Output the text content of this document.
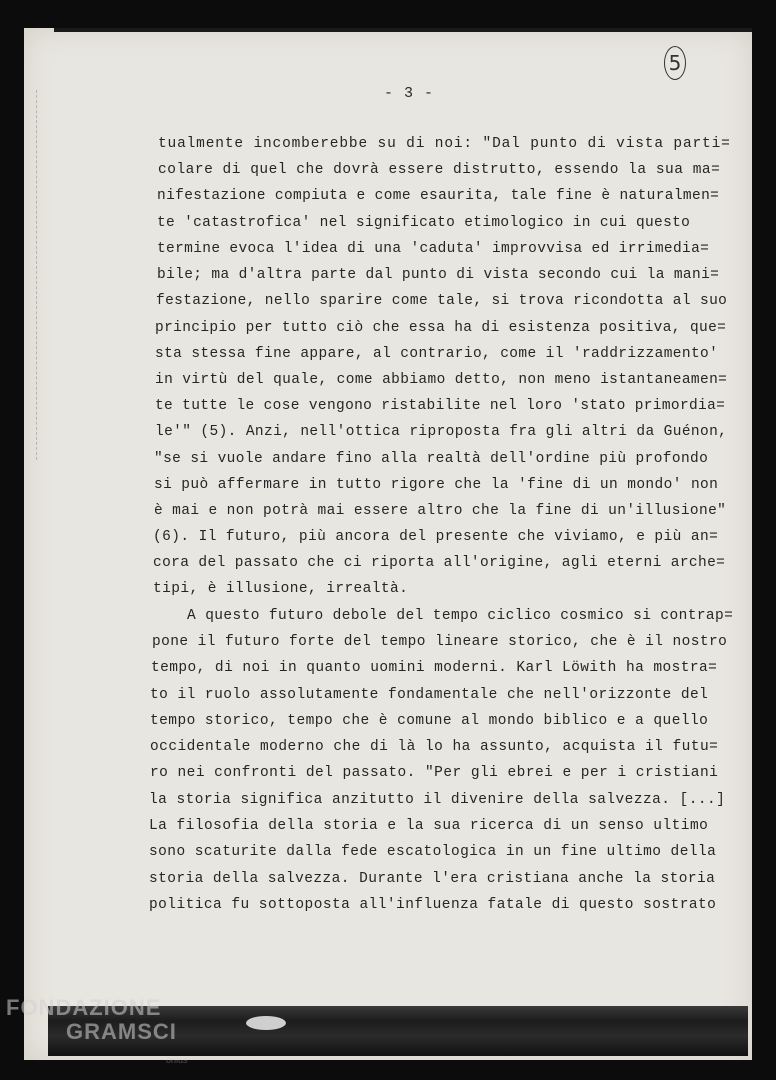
- 3 -
5
tualmente incomberebbe su di noi: "Dal punto di vista parti=
colare di quel che dovrà essere distrutto, essendo la sua ma=
nifestazione compiuta e come esaurita, tale fine è naturalmen=
te 'catastrofica' nel significato etimologico in cui questo
termine evoca l'idea di una 'caduta' improvvisa ed irrimedia=
bile; ma d'altra parte dal punto di vista secondo cui la mani=
festazione, nello sparire come tale, si trova ricondotta al suo
principio per tutto ciò che essa ha di esistenza positiva, que=
sta stessa fine appare, al contrario, come il 'raddrizzamento'
in virtù del quale, come abbiamo detto, non meno istantaneamen=
te tutte le cose vengono ristabilite nel loro 'stato primordia=
le'" (5). Anzi, nell'ottica riproposta fra gli altri da Guénon,
"se si vuole andare fino alla realtà dell'ordine più profondo
si può affermare in tutto rigore che la 'fine di un mondo' non
è mai e non potrà mai essere altro che la fine di un'illusione"
(6). Il futuro, più ancora del presente che viviamo, e più an=
cora del passato che ci riporta all'origine, agli eterni arche=
tipi, è illusione, irrealtà.
A questo futuro debole del tempo ciclico cosmico si contrap=
pone il futuro forte del tempo lineare storico, che è il nostro
tempo, di noi in quanto uomini moderni. Karl Löwith ha mostra=
to il ruolo assolutamente fondamentale che nell'orizzonte del
tempo storico, tempo che è comune al mondo biblico e a quello
occidentale moderno che di là lo ha assunto, acquista il futu=
ro nei confronti del passato. "Per gli ebrei e per i cristiani
la storia significa anzitutto il divenire della salvezza. [...]
La filosofia della storia e la sua ricerca di un senso ultimo
sono scaturite dalla fede escatologica in un fine ultimo della
storia della salvezza. Durante l'era cristiana anche la storia
politica fu sottoposta all'influenza fatale di questo sostrato
FONDAZIONE
GRAMSCI
onlus
